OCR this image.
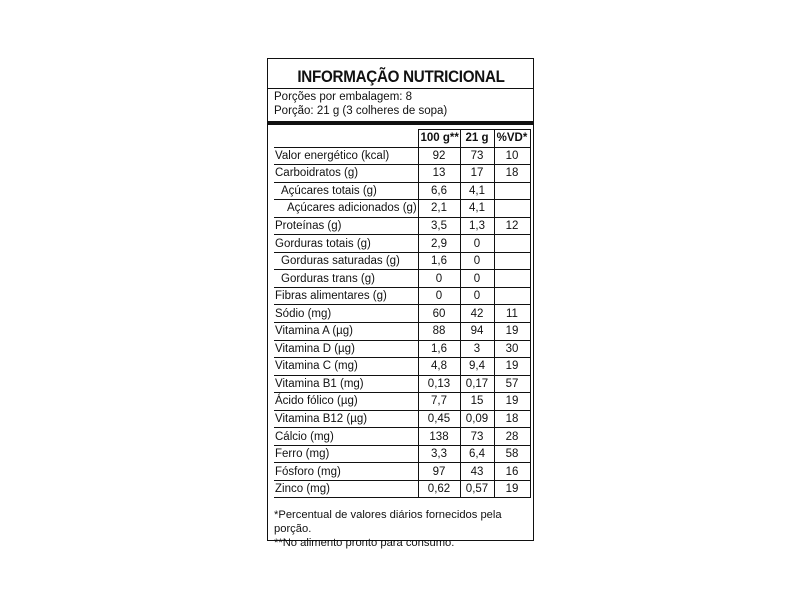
INFORMAÇÃO NUTRICIONAL
Porções por embalagem: 8
Porção: 21 g (3 colheres de sopa)
	100 g**	21 g	%VD*
Valor energético (kcal)	92	73	10
Carboidratos (g)	13	17	18
Açúcares totais (g)	6,6	4,1	
Açúcares adicionados (g)	2,1	4,1	
Proteínas (g)	3,5	1,3	12
Gorduras totais (g)	2,9	0	
Gorduras saturadas (g)	1,6	0	
Gorduras trans (g)	0	0	
Fibras alimentares (g)	0	0	
Sódio (mg)	60	42	11
Vitamina A (µg)	88	94	19
Vitamina D (µg)	1,6	3	30
Vitamina C (mg)	4,8	9,4	19
Vitamina B1 (mg)	0,13	0,17	57
Ácido fólico (µg)	7,7	15	19
Vitamina B12 (µg)	0,45	0,09	18
Cálcio (mg)	138	73	28
Ferro (mg)	3,3	6,4	58
Fósforo (mg)	97	43	16
Zinco (mg)	0,62	0,57	19
*Percentual de valores diários fornecidos pela porção.
**No alimento pronto para consumo.
